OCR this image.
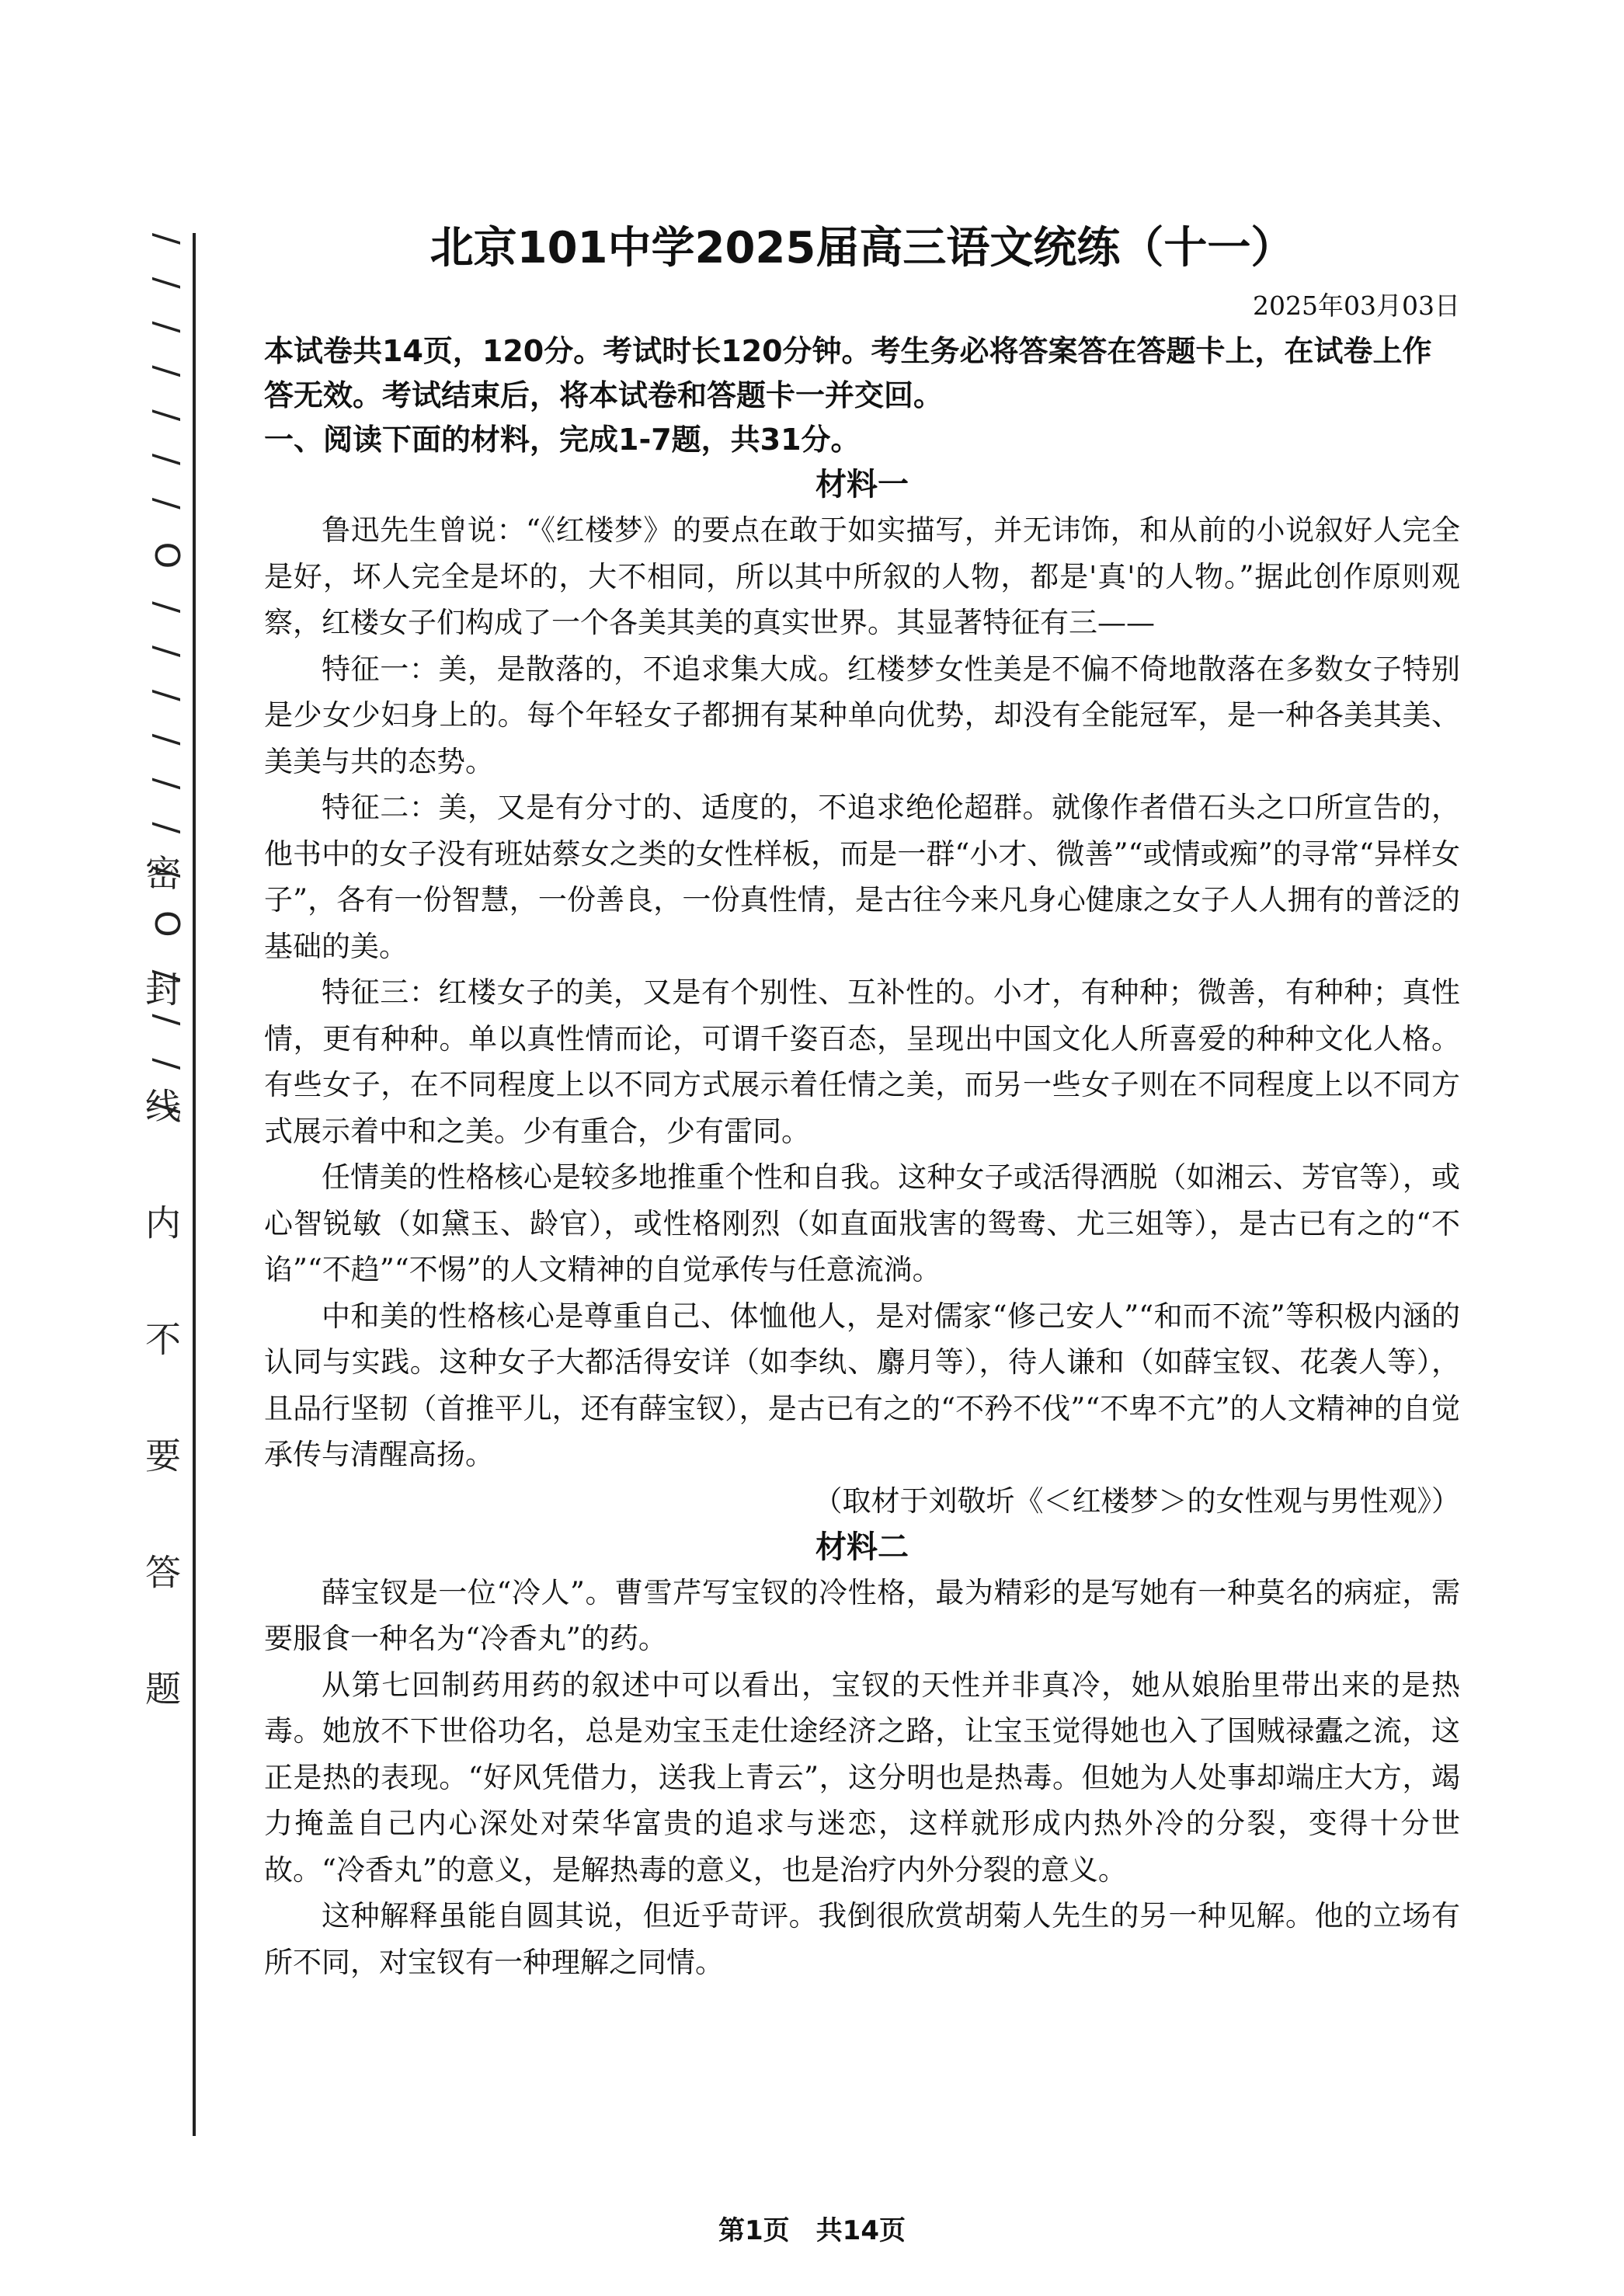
/ / / / / / / O / / / / / / / O / / / /
密封线内不要答题
北京101中学2025届高三语文统练（十一）
2025年03月03日

本试卷共14页，120分。考试时长120分钟。考生务必将答案答在答题卡上，在试卷上作答无效。考试结束后，将本试卷和答题卡一并交回。

一、阅读下面的材料，完成1-7题，共31分。

材料一

鲁迅先生曾说：“《红楼梦》的要点在敢于如实描写，并无讳饰，和从前的小说叙好人完全是好，坏人完全是坏的，大不相同，所以其中所叙的人物，都是'真'的人物。”据此创作原则观察，红楼女子们构成了一个各美其美的真实世界。其显著特征有三——

特征一：美，是散落的，不追求集大成。红楼梦女性美是不偏不倚地散落在多数女子特别是少女少妇身上的。每个年轻女子都拥有某种单向优势，却没有全能冠军，是一种各美其美、美美与共的态势。

特征二：美，又是有分寸的、适度的，不追求绝伦超群。就像作者借石头之口所宣告的，他书中的女子没有班姑蔡女之类的女性样板，而是一群“小才、微善”“或情或痴”的寻常“异样女子”，各有一份智慧，一份善良，一份真性情，是古往今来凡身心健康之女子人人拥有的普泛的基础的美。

特征三：红楼女子的美，又是有个别性、互补性的。小才，有种种；微善，有种种；真性情，更有种种。单以真性情而论，可谓千姿百态，呈现出中国文化人所喜爱的种种文化人格。有些女子，在不同程度上以不同方式展示着任情之美，而另一些女子则在不同程度上以不同方式展示着中和之美。少有重合，少有雷同。

任情美的性格核心是较多地推重个性和自我。这种女子或活得洒脱（如湘云、芳官等），或心智锐敏（如黛玉、龄官），或性格刚烈（如直面戕害的鸳鸯、尤三姐等），是古已有之的“不谄”“不趋”“不惕”的人文精神的自觉承传与任意流淌。

中和美的性格核心是尊重自己、体恤他人，是对儒家“修己安人”“和而不流”等积极内涵的认同与实践。这种女子大都活得安详（如李纨、麝月等），待人谦和（如薛宝钗、花袭人等），且品行坚韧（首推平儿，还有薛宝钗），是古已有之的“不矜不伐”“不卑不亢”的人文精神的自觉承传与清醒高扬。

（取材于刘敬圻《＜红楼梦＞的女性观与男性观》）
材料二

薛宝钗是一位“冷人”。曹雪芹写宝钗的冷性格，最为精彩的是写她有一种莫名的病症，需要服食一种名为“冷香丸”的药。

从第七回制药用药的叙述中可以看出，宝钗的天性并非真冷，她从娘胎里带出来的是热毒。她放不下世俗功名，总是劝宝玉走仕途经济之路，让宝玉觉得她也入了国贼禄蠹之流，这正是热的表现。“好风凭借力，送我上青云”，这分明也是热毒。但她为人处事却端庄大方，竭力掩盖自己内心深处对荣华富贵的追求与迷恋，这样就形成内热外冷的分裂，变得十分世故。“冷香丸”的意义，是解热毒的意义，也是治疗内外分裂的意义。

这种解释虽能自圆其说，但近乎苛评。我倒很欣赏胡菊人先生的另一种见解。他的立场有所不同，对宝钗有一种理解之同情。

第1页　共14页
